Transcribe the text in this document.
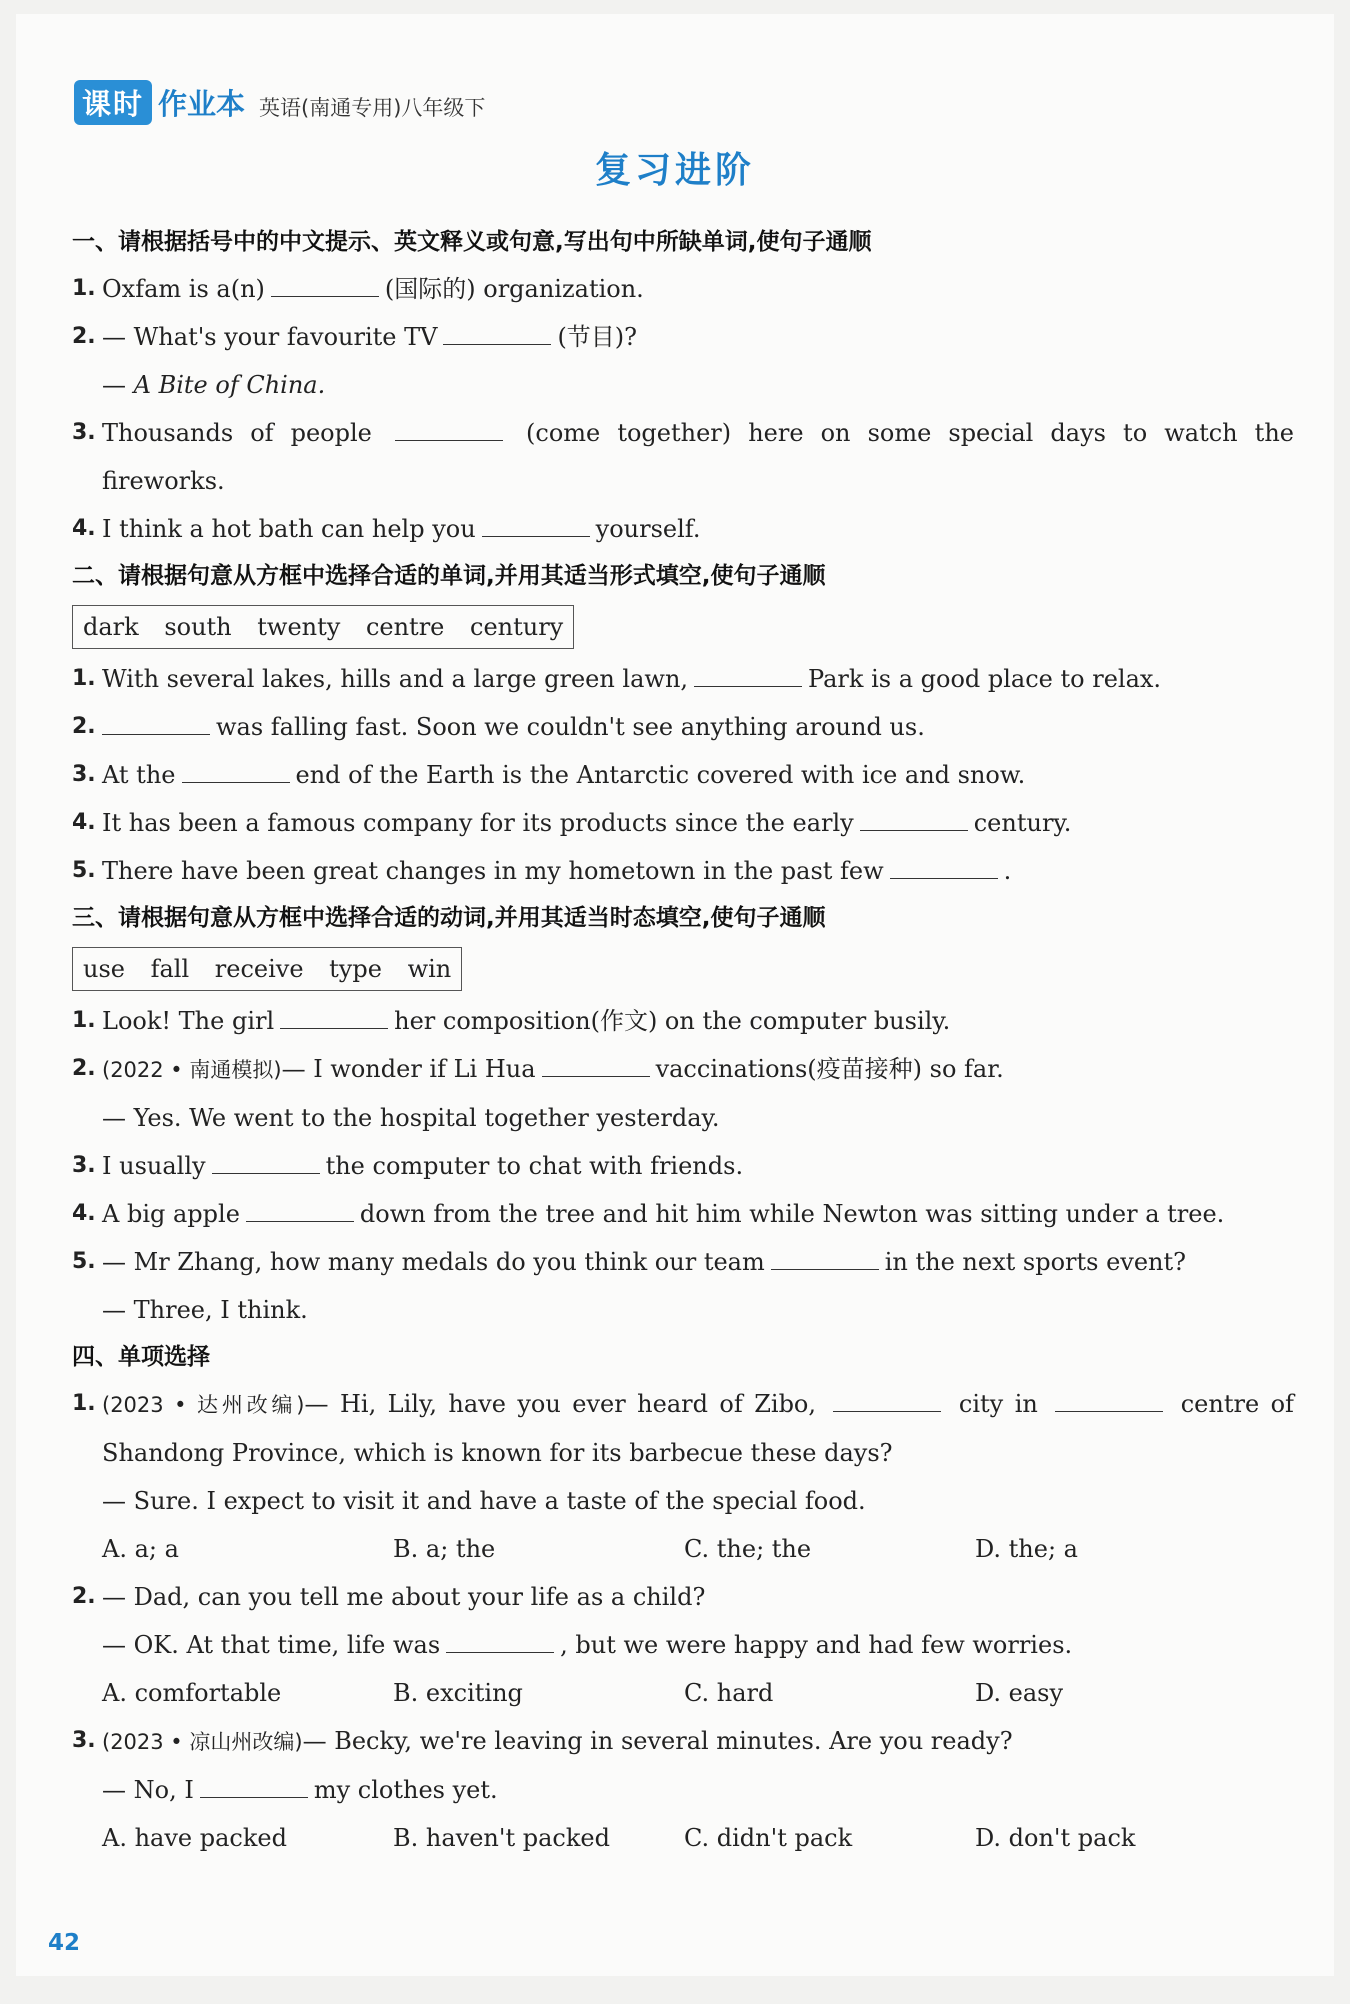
课时 作业本 英语(南通专用)八年级下
复习进阶
一、请根据括号中的中文提示、英文释义或句意,写出句中所缺单词,使句子通顺
1. Oxfam is a(n)	(国际的) organization.
2. — What's your favourite TV	(节目)?
— A Bite of China.
3. Thousands of people	(come together) here on some special days to watch the fireworks.
4. I think a hot bath can help you	yourself.
二、请根据句意从方框中选择合适的单词,并用其适当形式填空,使句子通顺
dark south twenty centre century
1. With several lakes, hills and a large green lawn,	Park is a good place to relax.
2.	was falling fast. Soon we couldn't see anything around us.
3. At the	end of the Earth is the Antarctic covered with ice and snow.
4. It has been a famous company for its products since the early	century.
5. There have been great changes in my hometown in the past few	.
三、请根据句意从方框中选择合适的动词,并用其适当时态填空,使句子通顺
use fall receive type win
1. Look! The girl	her composition(作文) on the computer busily.
2. (2022 • 南通模拟)— I wonder if Li Hua	vaccinations(疫苗接种) so far.
— Yes. We went to the hospital together yesterday.
3. I usually	the computer to chat with friends.
4. A big apple	down from the tree and hit him while Newton was sitting under a tree.
5. — Mr Zhang, how many medals do you think our team	in the next sports event?
— Three, I think.
四、单项选择
1. (2023 • 达州改编)— Hi, Lily, have you ever heard of Zibo,	city in	centre of Shandong Province, which is known for its barbecue these days?
— Sure. I expect to visit it and have a taste of the special food.
A. a; a	B. a; the	C. the; the	D. the; a
2. — Dad, can you tell me about your life as a child?
— OK. At that time, life was	, but we were happy and had few worries.
A. comfortable	B. exciting	C. hard	D. easy
3. (2023 • 凉山州改编)— Becky, we're leaving in several minutes. Are you ready?
— No, I	my clothes yet.
A. have packed	B. haven't packed	C. didn't pack	D. don't pack
42
